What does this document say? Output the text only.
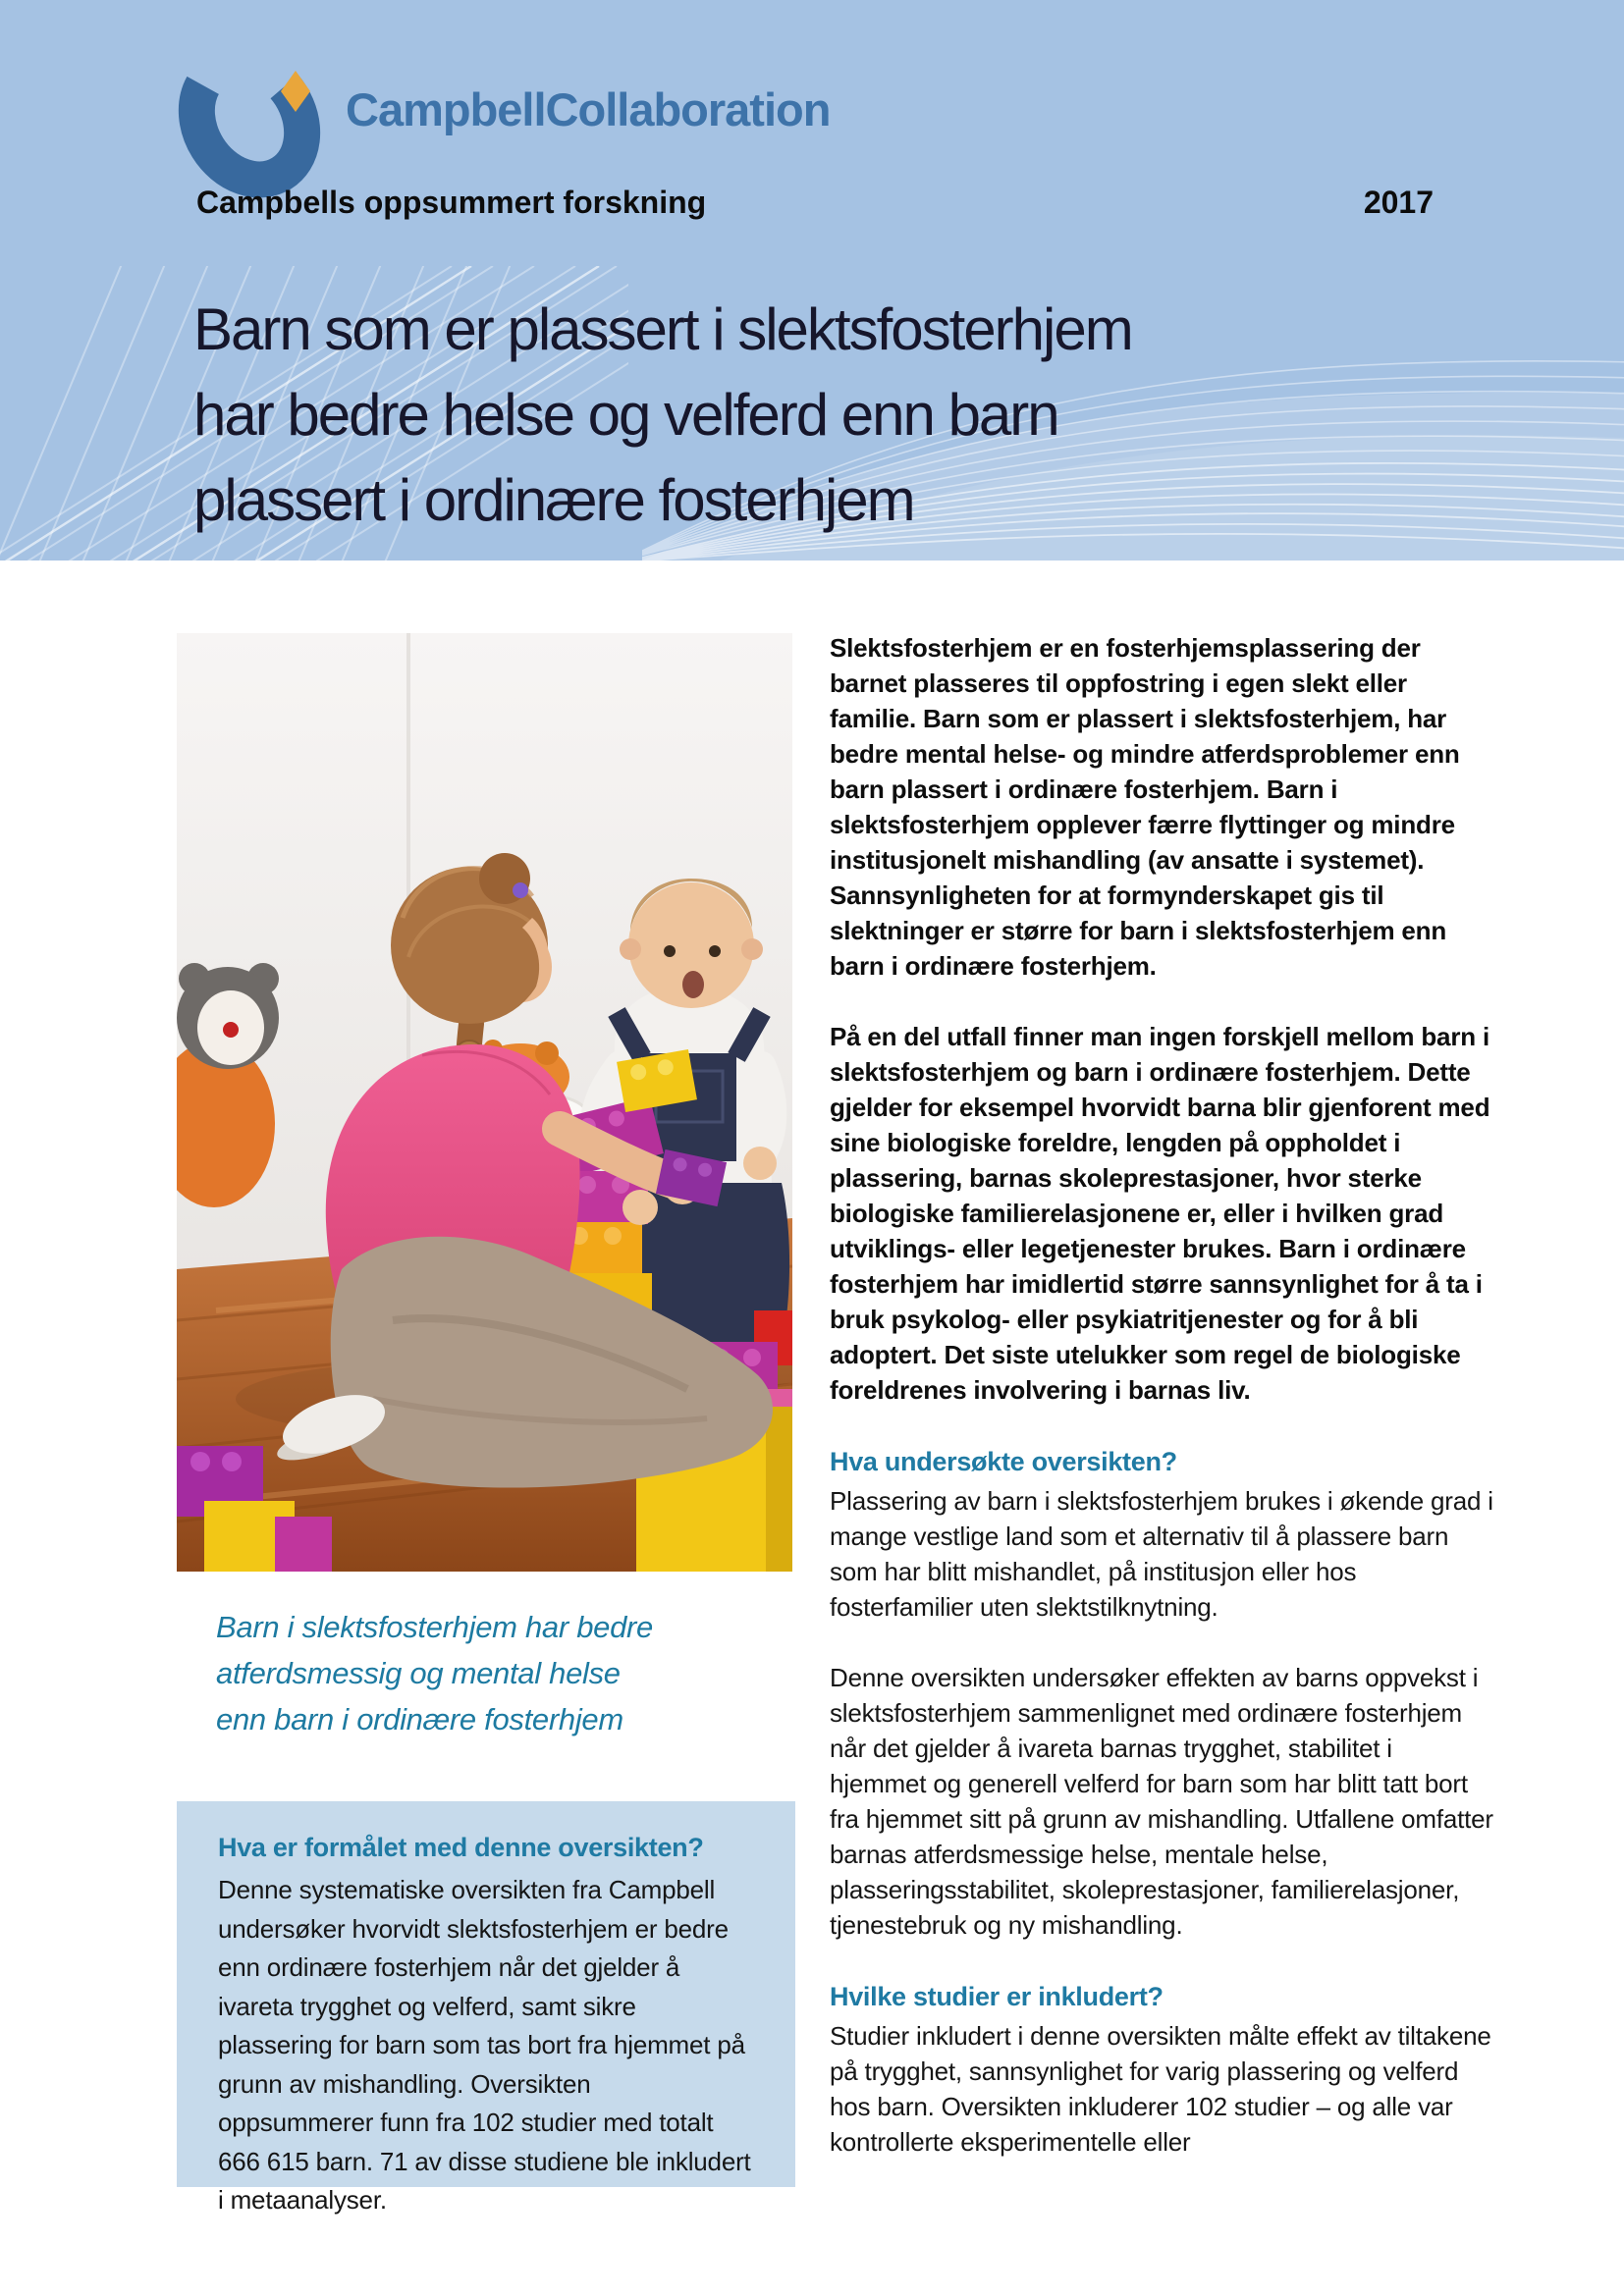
CampbellCollaboration
Campbells oppsummert forskning	2017
Barn som er plassert i slektsfosterhjem
har bedre helse og velferd enn barn
plassert i ordinære fosterhjem
Barn i slektsfosterhjem har bedre
atferdsmessig og mental helse
enn barn i ordinære fosterhjem
Hva er formålet med denne oversikten?

Denne systematiske oversikten fra Campbell undersøker hvorvidt slektsfosterhjem er bedre enn ordinære fosterhjem når det gjelder å ivareta trygghet og velferd, samt sikre plassering for barn som tas bort fra hjemmet på grunn av mishandling. Oversikten oppsummerer funn fra 102 studier med totalt 666 615 barn. 71 av disse studiene ble inkludert i metaanalyser.

Slektsfosterhjem er en fosterhjemsplassering der barnet plasseres til oppfostring i egen slekt eller familie. Barn som er plassert i slektsfosterhjem, har bedre mental helse- og mindre atferdsproblemer enn barn plassert i ordinære fosterhjem. Barn i slektsfosterhjem opplever færre flyttinger og mindre institusjonelt mishandling (av ansatte i systemet). Sannsynligheten for at formynderskapet gis til slektninger er større for barn i slektsfosterhjem enn barn i ordinære fosterhjem.

På en del utfall finner man ingen forskjell mellom barn i slektsfosterhjem og barn i ordinære fosterhjem. Dette gjelder for eksempel hvorvidt barna blir gjenforent med sine biologiske foreldre, lengden på oppholdet i plassering, barnas skoleprestasjoner, hvor sterke biologiske familierelasjonene er, eller i hvilken grad utviklings- eller legetjenester brukes. Barn i ordinære fosterhjem har imidlertid større sannsynlighet for å ta i bruk psykolog- eller psykiatritjenester og for å bli adoptert. Det siste utelukker som regel de biologiske foreldrenes involvering i barnas liv.

Hva undersøkte oversikten?

Plassering av barn i slektsfosterhjem brukes i økende grad i mange vestlige land som et alternativ til å plassere barn som har blitt mishandlet, på institusjon eller hos fosterfamilier uten slektstilknytning.

Denne oversikten undersøker effekten av barns oppvekst i slektsfosterhjem sammenlignet med ordinære fosterhjem når det gjelder å ivareta barnas trygghet, stabilitet i hjemmet og generell velferd for barn som har blitt tatt bort fra hjemmet sitt på grunn av mishandling. Utfallene omfatter barnas atferdsmessige helse, mentale helse, plasseringsstabilitet, skoleprestasjoner, familierelasjoner, tjenestebruk og ny mishandling.

Hvilke studier er inkludert?

Studier inkludert i denne oversikten målte effekt av tiltakene på trygghet, sannsynlighet for varig plassering og velferd hos barn. Oversikten inkluderer 102 studier – og alle var kontrollerte eksperimentelle eller
